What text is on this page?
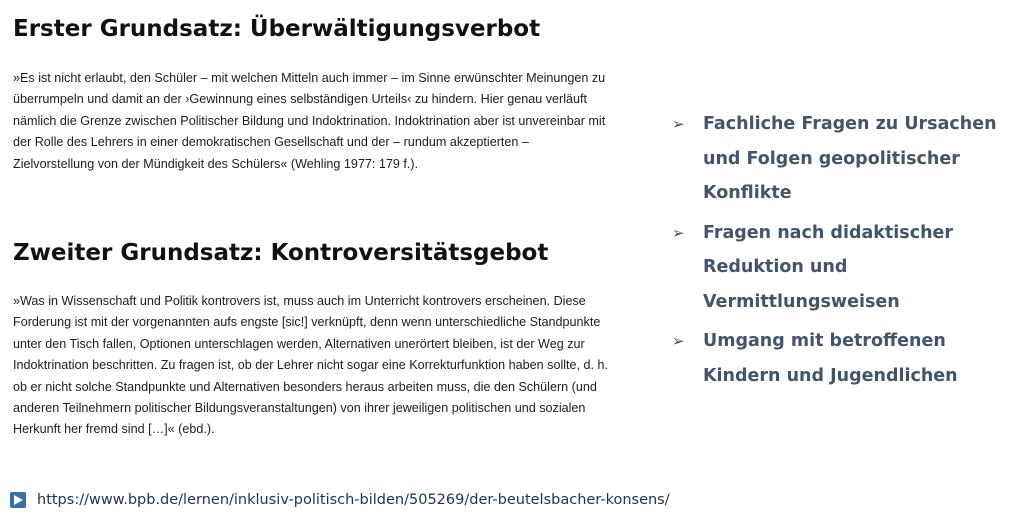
Erster Grundsatz: Überwältigungsverbot

»Es ist nicht erlaubt, den Schüler – mit welchen Mitteln auch immer – im Sinne erwünschter Meinungen zu überrumpeln und damit an der ›Gewinnung eines selbständigen Urteils‹ zu hindern. Hier genau verläuft nämlich die Grenze zwischen Politischer Bildung und Indoktrination. Indoktrination aber ist unvereinbar mit der Rolle des Lehrers in einer demokratischen Gesellschaft und der – rundum akzeptierten – Zielvorstellung von der Mündigkeit des Schülers« (Wehling 1977: 179 f.).

Zweiter Grundsatz: Kontroversitätsgebot

»Was in Wissenschaft und Politik kontrovers ist, muss auch im Unterricht kontrovers erscheinen. Diese Forderung ist mit der vorgenannten aufs engste [sic!] verknüpft, denn wenn unterschiedliche Standpunkte unter den Tisch fallen, Optionen unterschlagen werden, Alternativen unerörtert bleiben, ist der Weg zur Indoktrination beschritten. Zu fragen ist, ob der Lehrer nicht sogar eine Korrekturfunktion haben sollte, d. h. ob er nicht solche Standpunkte und Alternativen besonders heraus arbeiten muss, die den Schülern (und anderen Teilnehmern politischer Bildungsveranstaltungen) von ihrer jeweiligen politischen und sozialen Herkunft her fremd sind […]« (ebd.).

➢ Fachliche Fragen zu Ursachen und Folgen geopolitischer Konflikte
➢ Fragen nach didaktischer Reduktion und Vermittlungsweisen
➢ Umgang mit betroffenen Kindern und Jugendlichen
https://www.bpb.de/lernen/inklusiv-politisch-bilden/505269/der-beutelsbacher-konsens/
